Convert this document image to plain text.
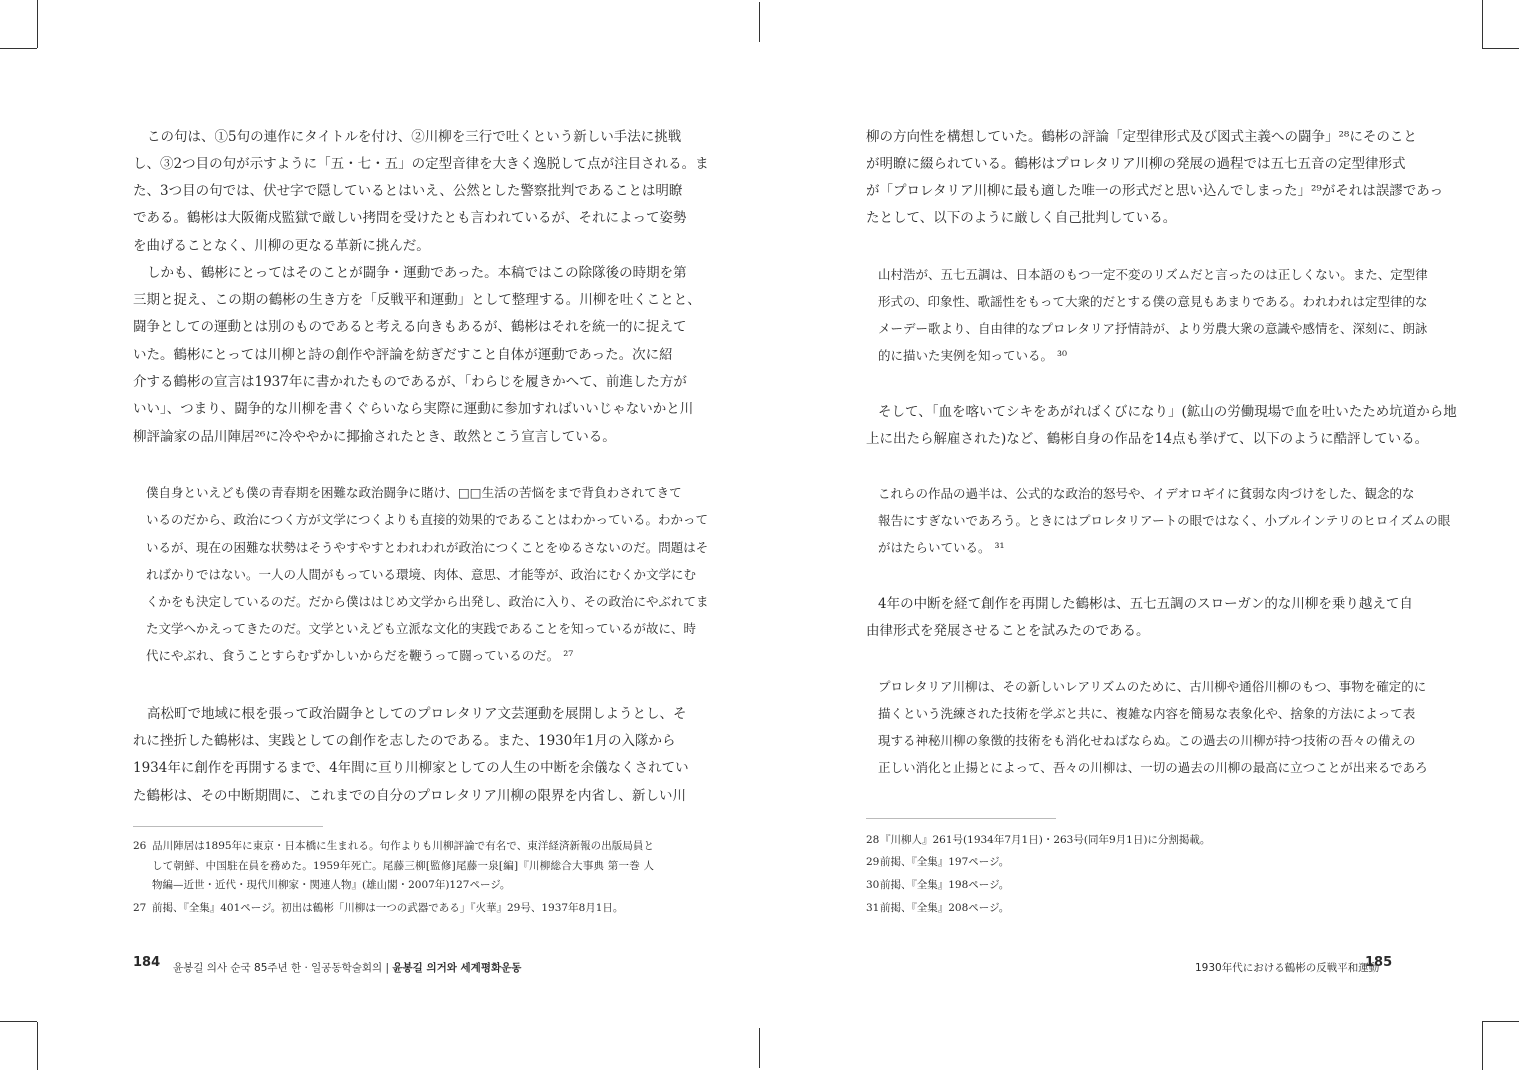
この句は、①5句の連作にタイトルを付け、②川柳を三行で吐くという新しい手法に挑戦
し、③2つ目の句が示すように「五・七・五」の定型音律を大きく逸脱して点が注目される。ま
た、3つ目の句では、伏せ字で隠しているとはいえ、公然とした警察批判であることは明瞭
である。鶴彬は大阪衛戍監獄で厳しい拷問を受けたとも言われているが、それによって姿勢
を曲げることなく、川柳の更なる革新に挑んだ。
しかも、鶴彬にとってはそのことが闘争・運動であった。本稿ではこの除隊後の時期を第
三期と捉え、この期の鶴彬の生き方を「反戦平和運動」として整理する。川柳を吐くことと、
闘争としての運動とは別のものであると考える向きもあるが、鶴彬はそれを統一的に捉えて
いた。鶴彬にとっては川柳と詩の創作や評論を紡ぎだすこと自体が運動であった。次に紹
介する鶴彬の宣言は1937年に書かれたものであるが、「わらじを履きかへて、前進した方が
いい」、つまり、闘争的な川柳を書くぐらいなら実際に運動に参加すればいいじゃないかと川
柳評論家の品川陣居²⁶に冷ややかに揶揄されたとき、敢然とこう宣言している。
僕自身といえども僕の青春期を困難な政治闘争に賭け、□□生活の苦悩をまで背負わされてきて
いるのだから、政治につく方が文学につくよりも直接的効果的であることはわかっている。わかって
いるが、現在の困難な状勢はそうやすやすとわれわれが政治につくことをゆるさないのだ。問題はそ
ればかりではない。一人の人間がもっている環境、肉体、意思、才能等が、政治にむくか文学にむ
くかをも決定しているのだ。だから僕ははじめ文学から出発し、政治に入り、その政治にやぶれてま
た文学へかえってきたのだ。文学といえども立派な文化的実践であることを知っているが故に、時
代にやぶれ、食うことすらむずかしいからだを鞭うって闘っているのだ。 ²⁷
高松町で地域に根を張って政治闘争としてのプロレタリア文芸運動を展開しようとし、そ
れに挫折した鶴彬は、実践としての創作を志したのである。また、1930年1月の入隊から
1934年に創作を再開するまで、4年間に亘り川柳家としての人生の中断を余儀なくされてい
た鶴彬は、その中断期間に、これまでの自分のプロレタリア川柳の限界を内省し、新しい川
26 品川陣居は1895年に東京・日本橋に生まれる。句作よりも川柳評論で有名で、東洋経済新報の出版局員と
して朝鮮、中国駐在員を務めた。1959年死亡。尾藤三柳[監修]尾藤一泉[編]『川柳総合大事典 第一巻 人
物編—近世・近代・現代川柳家・関連人物』(雄山閣・2007年)127ページ。
27 前掲、『全集』401ページ。初出は鶴彬「川柳は一つの武器である」『火華』29号、1937年8月1日。
184 윤봉길 의사 순국 85주년 한 · 일공동학술회의 | 윤봉길 의거와 세계평화운동
柳の方向性を構想していた。鶴彬の評論「定型律形式及び図式主義への闘争」²⁸にそのこと
が明瞭に綴られている。鶴彬はプロレタリア川柳の発展の過程では五七五音の定型律形式
が「プロレタリア川柳に最も適した唯一の形式だと思い込んでしまった」²⁹がそれは誤謬であっ
たとして、以下のように厳しく自己批判している。
山村浩が、五七五調は、日本語のもつ一定不変のリズムだと言ったのは正しくない。また、定型律
形式の、印象性、歌謡性をもって大衆的だとする僕の意見もあまりである。われわれは定型律的な
メーデー歌より、自由律的なプロレタリア抒情詩が、より労農大衆の意識や感情を、深刻に、朗詠
的に描いた実例を知っている。 ³⁰
そして、「血を喀いてシキをあがればくびになり」(鉱山の労働現場で血を吐いたため坑道から地
上に出たら解雇された)など、鶴彬自身の作品を14点も挙げて、以下のように酷評している。
これらの作品の過半は、公式的な政治的怒号や、イデオロギイに貧弱な肉づけをした、観念的な
報告にすぎないであろう。ときにはプロレタリアートの眼ではなく、小ブルインテリのヒロイズムの眼
がはたらいている。 ³¹
4年の中断を経て創作を再開した鶴彬は、五七五調のスローガン的な川柳を乗り越えて自
由律形式を発展させることを試みたのである。
プロレタリア川柳は、その新しいレアリズムのために、古川柳や通俗川柳のもつ、事物を確定的に
描くという洗練された技術を学ぶと共に、複雑な内容を簡易な表象化や、捨象的方法によって表
現する神秘川柳の象徴的技術をも消化せねばならぬ。この過去の川柳が持つ技術の吾々の備えの
正しい消化と止揚とによって、吾々の川柳は、一切の過去の川柳の最高に立つことが出来るであろ
28 『川柳人』261号(1934年7月1日)・263号(同年9月1日)に分割掲載。
29 前掲、『全集』197ページ。
30 前掲、『全集』198ページ。
31 前掲、『全集』208ページ。
1930年代における鶴彬の反戦平和運動
185
